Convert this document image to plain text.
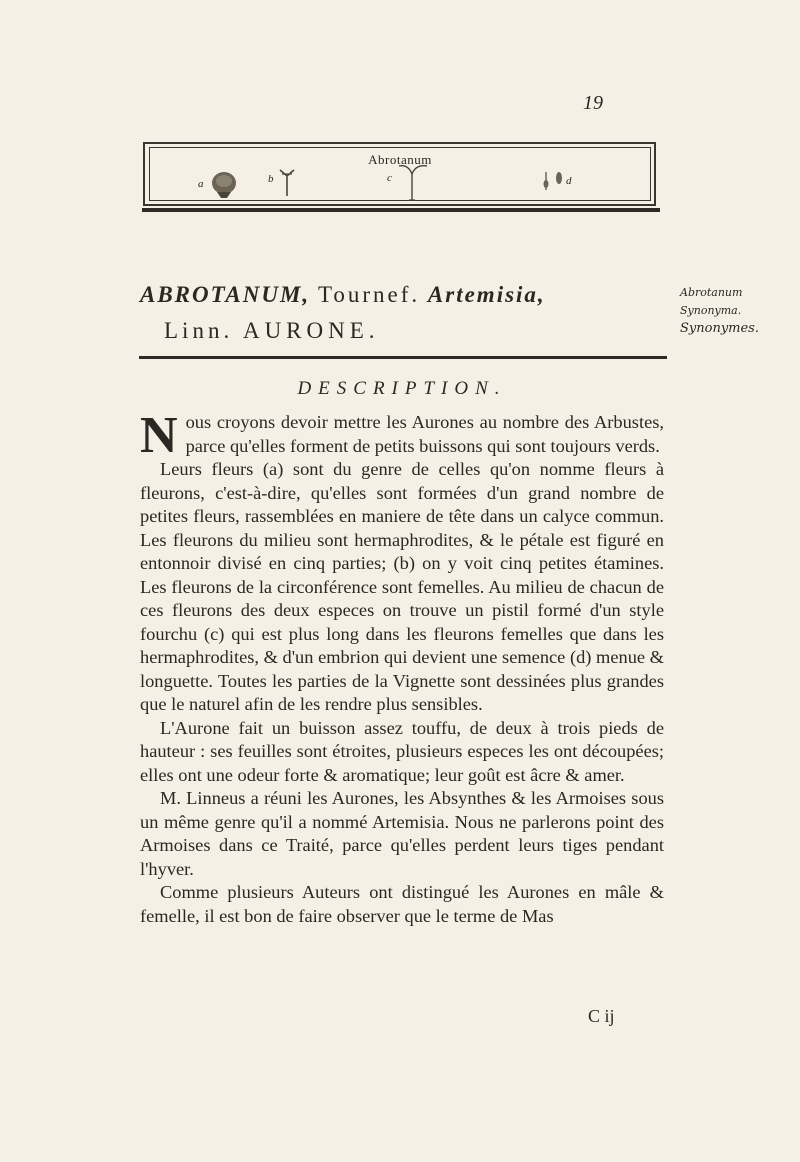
19
Abrotanum
a	b	c	d
ABROTANUM, Tournef. Artemisia,
Linn. AURONE.
Abrotanum
Synonyma.
Synonymes.
DESCRIPTION.

Nous croyons devoir mettre les Aurones au nombre des Arbustes, parce qu'elles forment de petits buissons qui sont toujours verds.

Leurs fleurs (a) sont du genre de celles qu'on nomme fleurs à fleurons, c'est-à-dire, qu'elles sont formées d'un grand nombre de petites fleurs, rassemblées en maniere de tête dans un calyce commun. Les fleurons du milieu sont hermaphrodites, & le pétale est figuré en entonnoir divisé en cinq parties; (b) on y voit cinq petites étamines. Les fleurons de la circonférence sont femelles. Au milieu de chacun de ces fleurons des deux especes on trouve un pistil formé d'un style fourchu (c) qui est plus long dans les fleurons femelles que dans les hermaphrodites, & d'un embrion qui devient une semence (d) menue & longuette. Toutes les parties de la Vignette sont dessinées plus grandes que le naturel afin de les rendre plus sensibles.

L'Aurone fait un buisson assez touffu, de deux à trois pieds de hauteur : ses feuilles sont étroites, plusieurs especes les ont découpées; elles ont une odeur forte & aromatique; leur goût est âcre & amer.

M. Linneus a réuni les Aurones, les Absynthes & les Armoises sous un même genre qu'il a nommé Artemisia. Nous ne parlerons point des Armoises dans ce Traité, parce qu'elles perdent leurs tiges pendant l'hyver.

Comme plusieurs Auteurs ont distingué les Aurones en mâle & femelle, il est bon de faire observer que le terme de Mas

C ij
